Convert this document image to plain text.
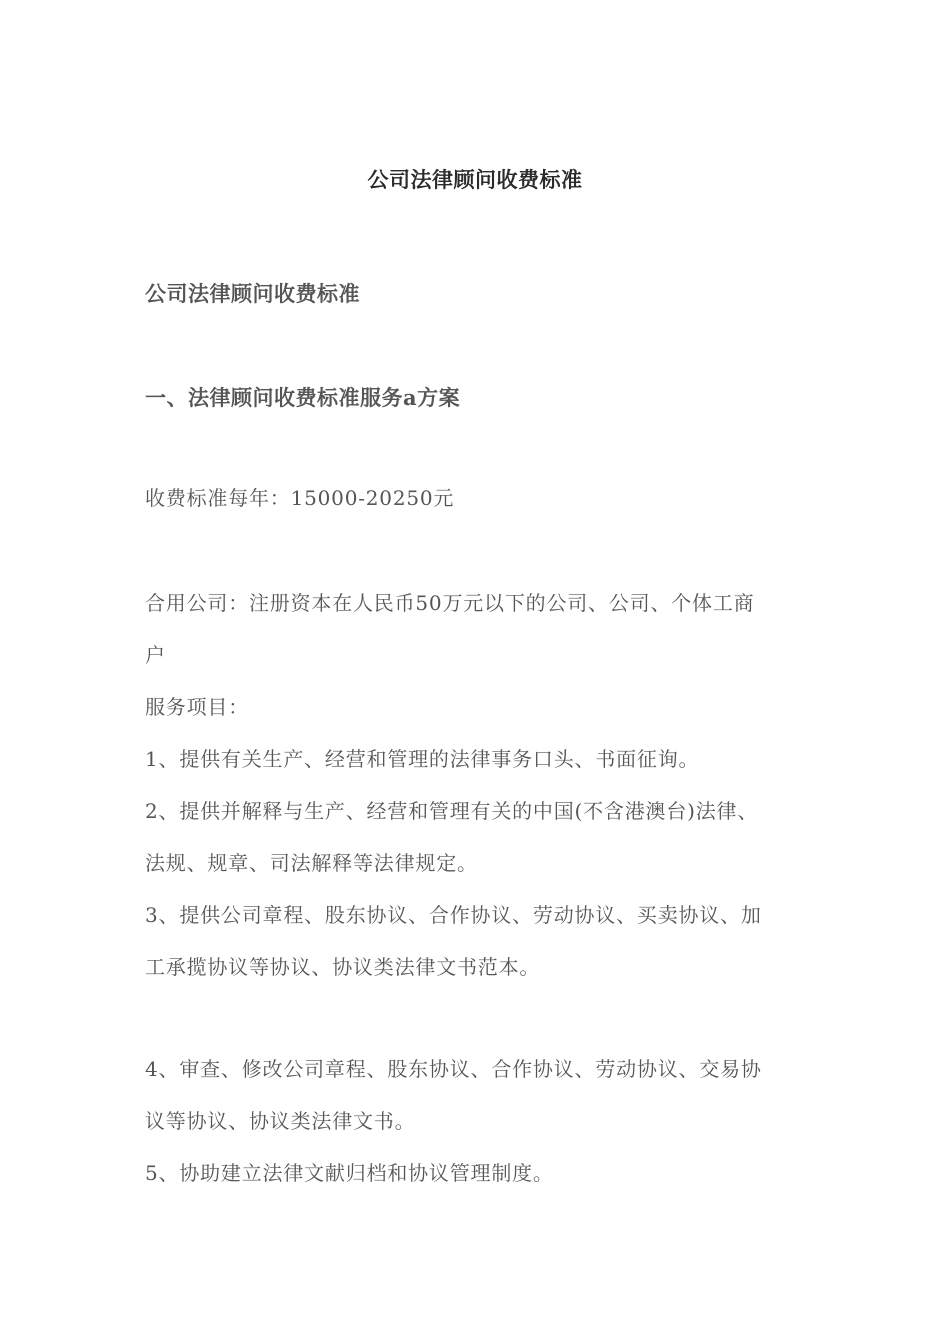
公司法律顾问收费标准
公司法律顾问收费标准
一、法律顾问收费标准服务a方案
收费标准每年：15000-20250元
合用公司：注册资本在人民币50万元以下的公司、公司、个体工商
户
服务项目：
1、提供有关生产、经营和管理的法律事务口头、书面征询。
2、提供并解释与生产、经营和管理有关的中国(不含港澳台)法律、
法规、规章、司法解释等法律规定。
3、提供公司章程、股东协议、合作协议、劳动协议、买卖协议、加
工承揽协议等协议、协议类法律文书范本。
4、审查、修改公司章程、股东协议、合作协议、劳动协议、交易协
议等协议、协议类法律文书。
5、协助建立法律文献归档和协议管理制度。
